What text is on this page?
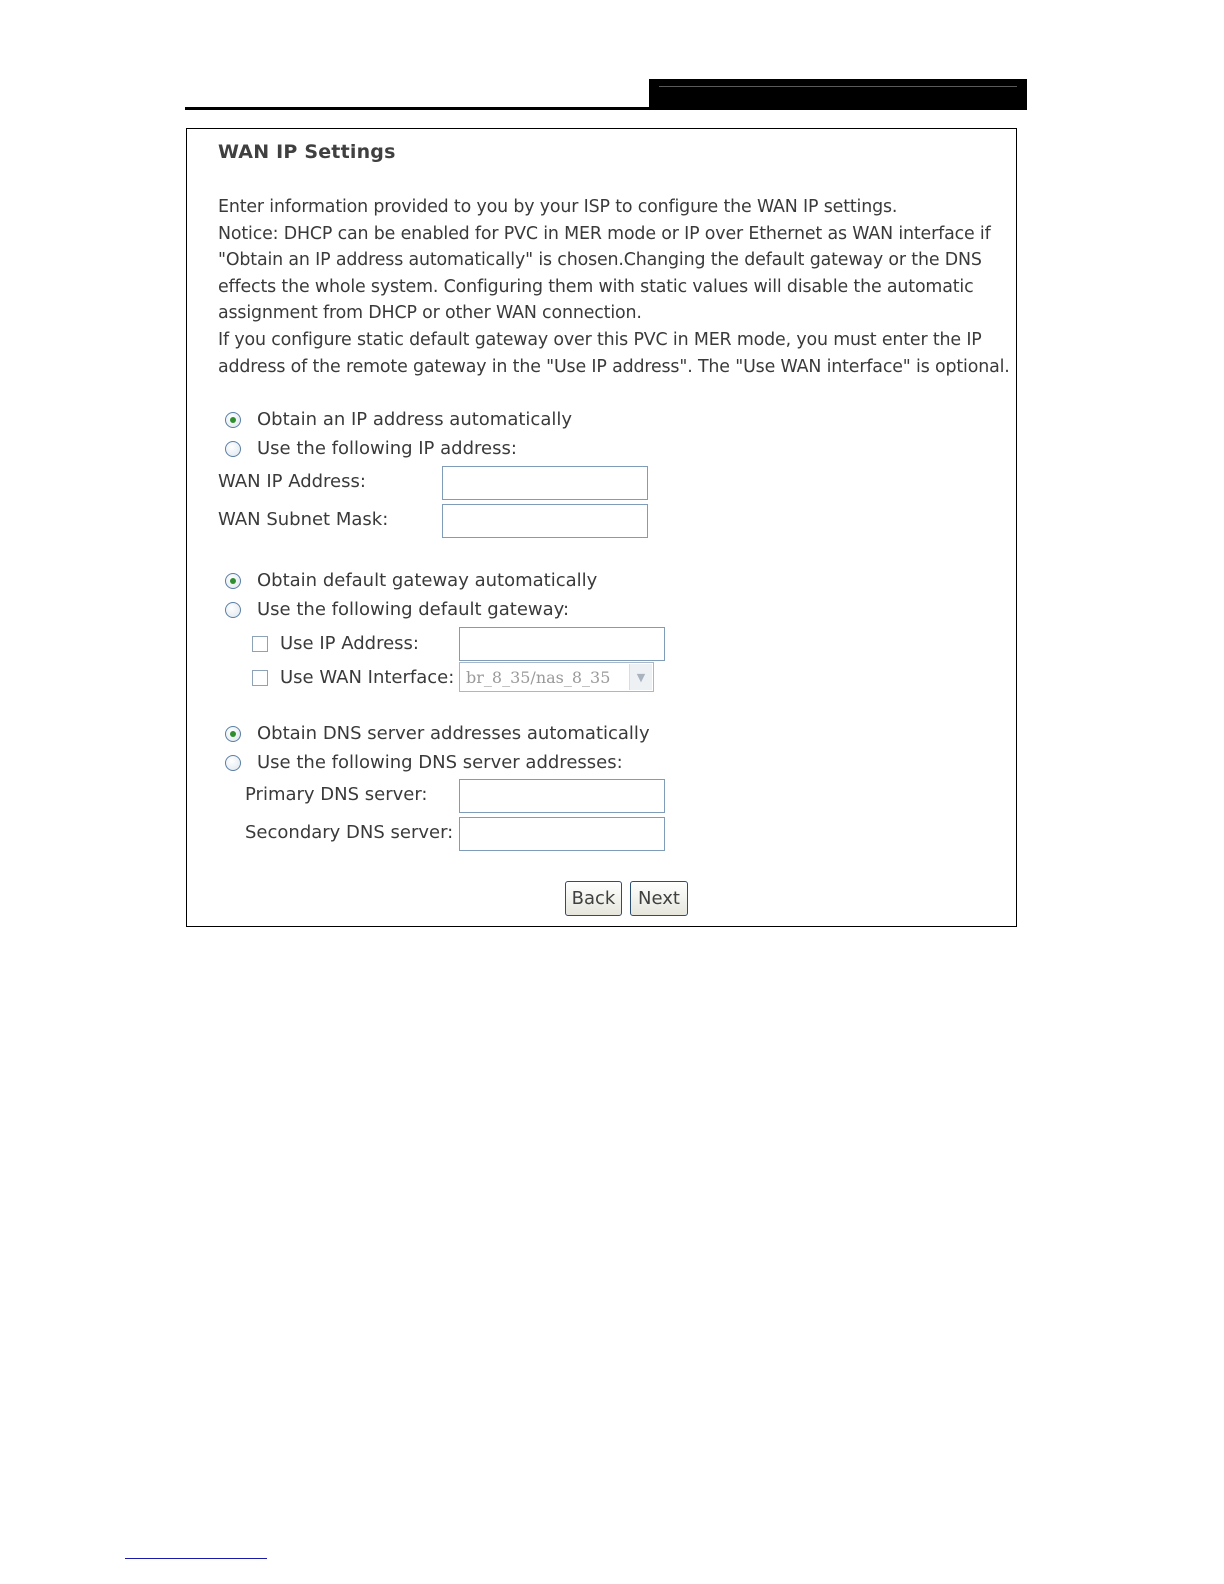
WAN IP Settings
Enter information provided to you by your ISP to configure the WAN IP settings.
Notice: DHCP can be enabled for PVC in MER mode or IP over Ethernet as WAN interface if
"Obtain an IP address automatically" is chosen.Changing the default gateway or the DNS
effects the whole system. Configuring them with static values will disable the automatic
assignment from DHCP or other WAN connection.
If you configure static default gateway over this PVC in MER mode, you must enter the IP
address of the remote gateway in the "Use IP address". The "Use WAN interface" is optional.
Obtain an IP address automatically
Use the following IP address:
WAN IP Address:
WAN Subnet Mask:
Obtain default gateway automatically
Use the following default gateway:
Use IP Address:
Use WAN Interface: br_8_35/nas_8_35	▼
Obtain DNS server addresses automatically
Use the following DNS server addresses:
Primary DNS server:
Secondary DNS server:
Back	Next
